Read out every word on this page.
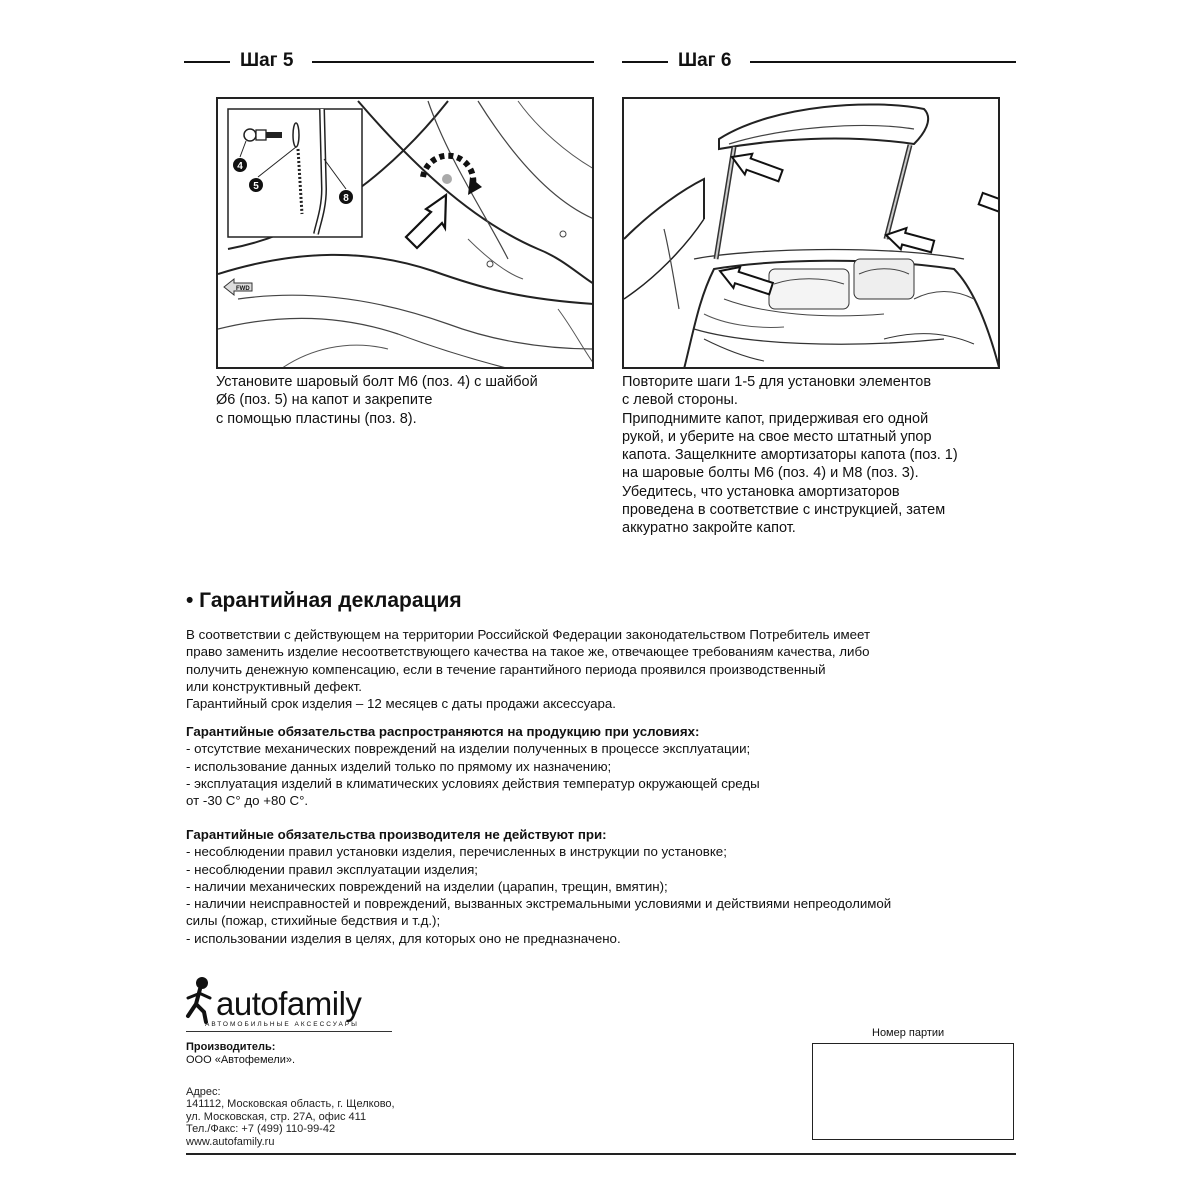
Шаг 5	Шаг 6
4
5
8
FWD

Установите шаровый болт М6 (поз. 4) с шайбой

Ø6 (поз. 5) на капот и закрепите

с помощью пластины (поз. 8).

Повторите шаги 1-5 для установки элементов

с левой стороны.

Приподнимите капот, придерживая его одной

рукой, и уберите на свое место штатный упор

капота. Защелкните амортизаторы капота (поз. 1)

на шаровые болты М6 (поз. 4) и М8 (поз. 3).

Убедитесь, что установка амортизаторов

проведена в соответствие с инструкцией, затем

аккуратно закройте капот.

• Гарантийная декларация

В соответствии с действующем на территории Российской Федерации законодательством Потребитель имеет

право заменить изделие несоответствующего качества на такое же, отвечающее требованиям качества, либо

получить денежную компенсацию, если в течение гарантийного периода проявился производственный

или конструктивный дефект.

Гарантийный срок изделия – 12 месяцев с даты продажи аксессуара.

Гарантийные обязательства распространяются на продукцию при условиях:

- отсутствие механических повреждений на изделии полученных в процессе эксплуатации;

- использование данных изделий только по прямому их назначению;

- эксплуатация изделий в климатических условиях действия температур окружающей среды

от -30 С° до +80 С°.

Гарантийные обязательства производителя не действуют при:

- несоблюдении правил установки изделия, перечисленных в инструкции по установке;

- несоблюдении правил эксплуатации изделия;

- наличии механических повреждений на изделии (царапин, трещин, вмятин);

- наличии неисправностей и повреждений, вызванных экстремальными условиями и действиями непреодолимой

силы (пожар, стихийные бедствия и т.д.);

- использовании изделия в целях, для которых оно не предназначено.

autofamily
АВТОМОБИЛЬНЫЕ АКСЕССУАРЫ
Производитель:
ООО «Автофемели».

Адрес:

141112, Московская область, г. Щелково,

ул. Московская, стр. 27А, офис 411

Тел./Факс: +7 (499) 110-99-42

www.autofamily.ru

Номер партии
